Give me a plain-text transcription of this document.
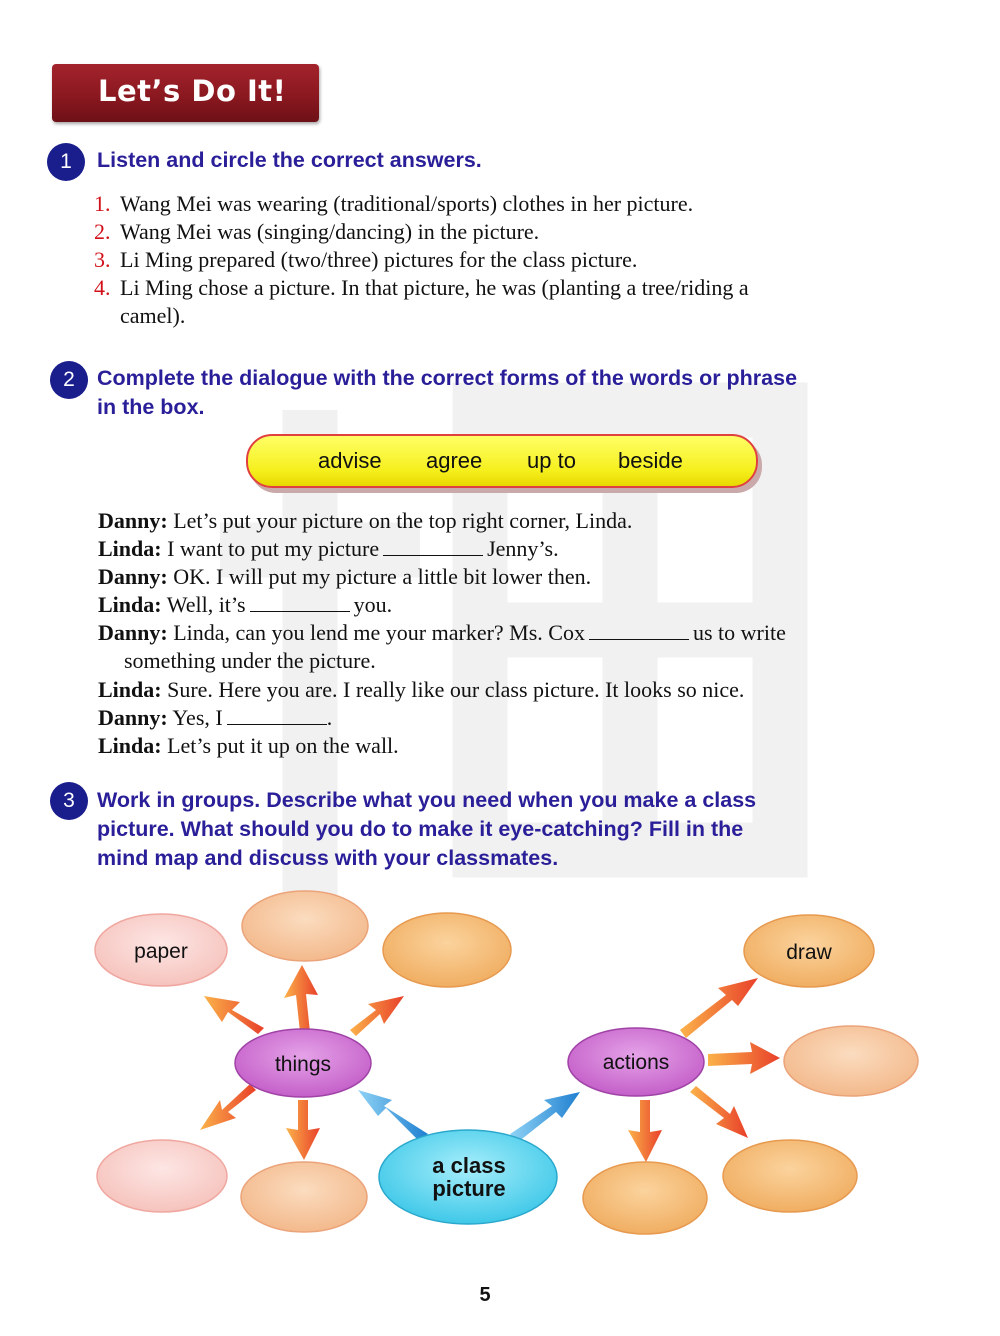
Let’s Do It!
1	Listen and circle the correct answers.
1. Wang Mei was wearing (traditional/sports) clothes in her picture.
2. Wang Mei was (singing/dancing) in the picture.
3. Li Ming prepared (two/three) pictures for the class picture.
4. Li Ming chose a picture. In that picture, he was (planting a tree/riding a
camel).
2	Complete the dialogue with the correct forms of the words or phrase
in the box.
advise agree up to beside
Danny: Let’s put your picture on the top right corner, Linda.
Linda: I want to put my picture	Jenny’s.
Danny: OK. I will put my picture a little bit lower then.
Linda: Well, it’s	you.
Danny: Linda, can you lend me your marker? Ms. Cox	us to write
something under the picture.
Linda: Sure. Here you are. I really like our class picture. It looks so nice.
Danny: Yes, I	.
Linda: Let’s put it up on the wall.
3	Work in groups. Describe what you need when you make a class
picture. What should you do to make it eye-catching? Fill in the
mind map and discuss with your classmates.
paper	draw
things	actions
a class
picture
5
